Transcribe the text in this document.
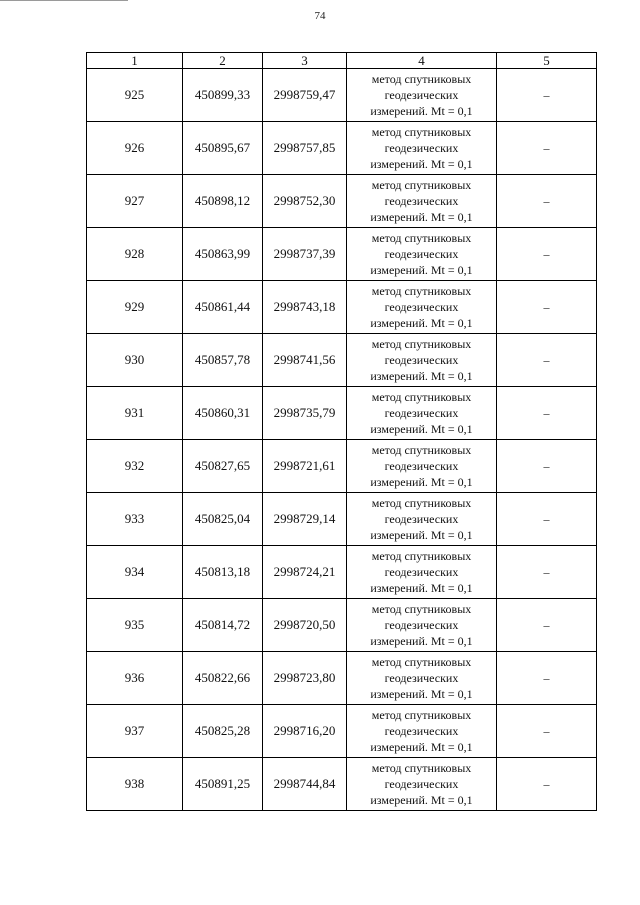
74
1	2	3	4	5
925	450899,33	2998759,47	метод спутниковых
геодезических
измерений. Mt = 0,1	–
926	450895,67	2998757,85	метод спутниковых
геодезических
измерений. Mt = 0,1	–
927	450898,12	2998752,30	метод спутниковых
геодезических
измерений. Mt = 0,1	–
928	450863,99	2998737,39	метод спутниковых
геодезических
измерений. Mt = 0,1	–
929	450861,44	2998743,18	метод спутниковых
геодезических
измерений. Mt = 0,1	–
930	450857,78	2998741,56	метод спутниковых
геодезических
измерений. Mt = 0,1	–
931	450860,31	2998735,79	метод спутниковых
геодезических
измерений. Mt = 0,1	–
932	450827,65	2998721,61	метод спутниковых
геодезических
измерений. Mt = 0,1	–
933	450825,04	2998729,14	метод спутниковых
геодезических
измерений. Mt = 0,1	–
934	450813,18	2998724,21	метод спутниковых
геодезических
измерений. Mt = 0,1	–
935	450814,72	2998720,50	метод спутниковых
геодезических
измерений. Mt = 0,1	–
936	450822,66	2998723,80	метод спутниковых
геодезических
измерений. Mt = 0,1	–
937	450825,28	2998716,20	метод спутниковых
геодезических
измерений. Mt = 0,1	–
938	450891,25	2998744,84	метод спутниковых
геодезических
измерений. Mt = 0,1	–
